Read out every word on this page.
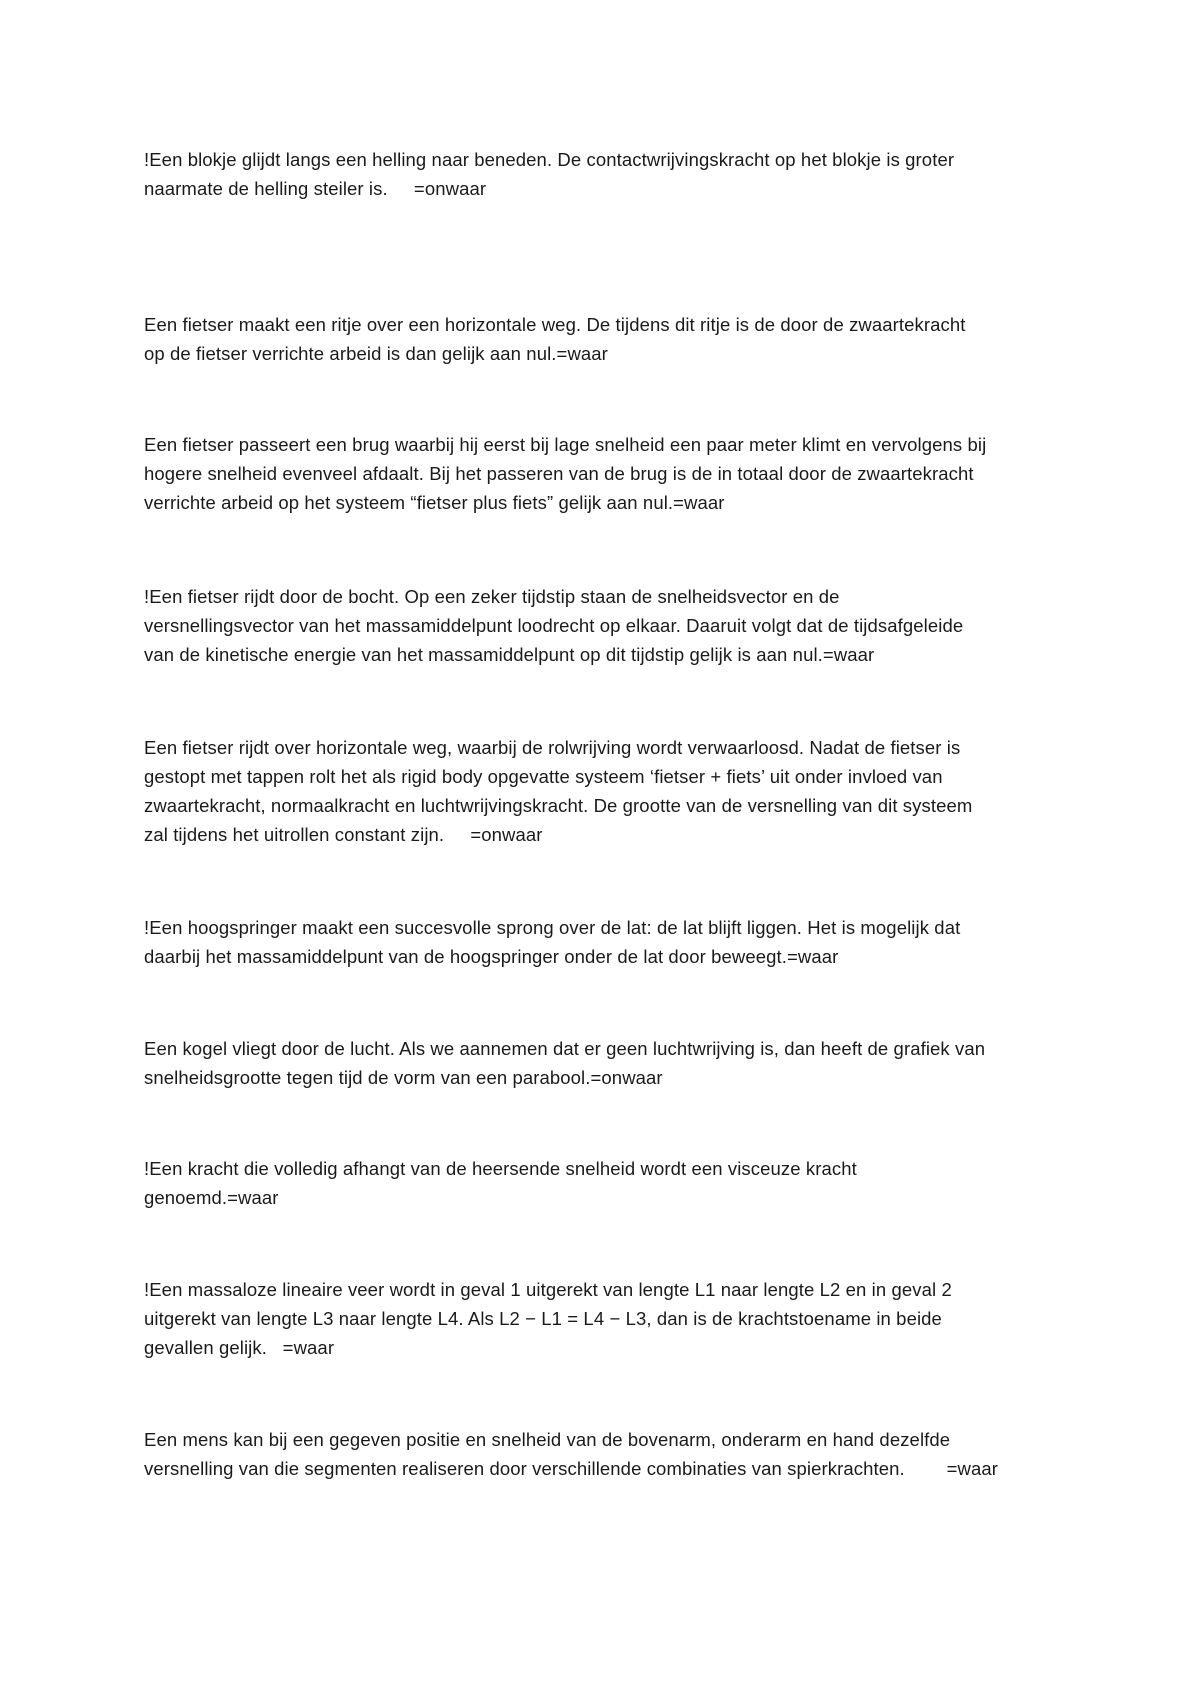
!Een blokje glijdt langs een helling naar beneden. De contactwrijvingskracht op het blokje is groter
naarmate de helling steiler is.     =onwaar

Een fietser maakt een ritje over een horizontale weg. De tijdens dit ritje is de door de zwaartekracht
op de fietser verrichte arbeid is dan gelijk aan nul.=waar

Een fietser passeert een brug waarbij hij eerst bij lage snelheid een paar meter klimt en vervolgens bij
hogere snelheid evenveel afdaalt. Bij het passeren van de brug is de in totaal door de zwaartekracht
verrichte arbeid op het systeem “fietser plus fiets” gelijk aan nul.=waar

!Een fietser rijdt door de bocht. Op een zeker tijdstip staan de snelheidsvector en de
versnellingsvector van het massamiddelpunt loodrecht op elkaar. Daaruit volgt dat de tijdsafgeleide
van de kinetische energie van het massamiddelpunt op dit tijdstip gelijk is aan nul.=waar

Een fietser rijdt over horizontale weg, waarbij de rolwrijving wordt verwaarloosd. Nadat de fietser is
gestopt met tappen rolt het als rigid body opgevatte systeem ‘fietser + fiets’ uit onder invloed van
zwaartekracht, normaalkracht en luchtwrijvingskracht. De grootte van de versnelling van dit systeem
zal tijdens het uitrollen constant zijn.     =onwaar

!Een hoogspringer maakt een succesvolle sprong over de lat: de lat blijft liggen. Het is mogelijk dat
daarbij het massamiddelpunt van de hoogspringer onder de lat door beweegt.=waar

Een kogel vliegt door de lucht. Als we aannemen dat er geen luchtwrijving is, dan heeft de grafiek van
snelheidsgrootte tegen tijd de vorm van een parabool.=onwaar

!Een kracht die volledig afhangt van de heersende snelheid wordt een visceuze kracht
genoemd.=waar

!Een massaloze lineaire veer wordt in geval 1 uitgerekt van lengte L1 naar lengte L2 en in geval 2
uitgerekt van lengte L3 naar lengte L4. Als L2 − L1 = L4 − L3, dan is de krachtstoename in beide
gevallen gelijk.   =waar

Een mens kan bij een gegeven positie en snelheid van de bovenarm, onderarm en hand dezelfde
versnelling van die segmenten realiseren door verschillende combinaties van spierkrachten.        =waar
